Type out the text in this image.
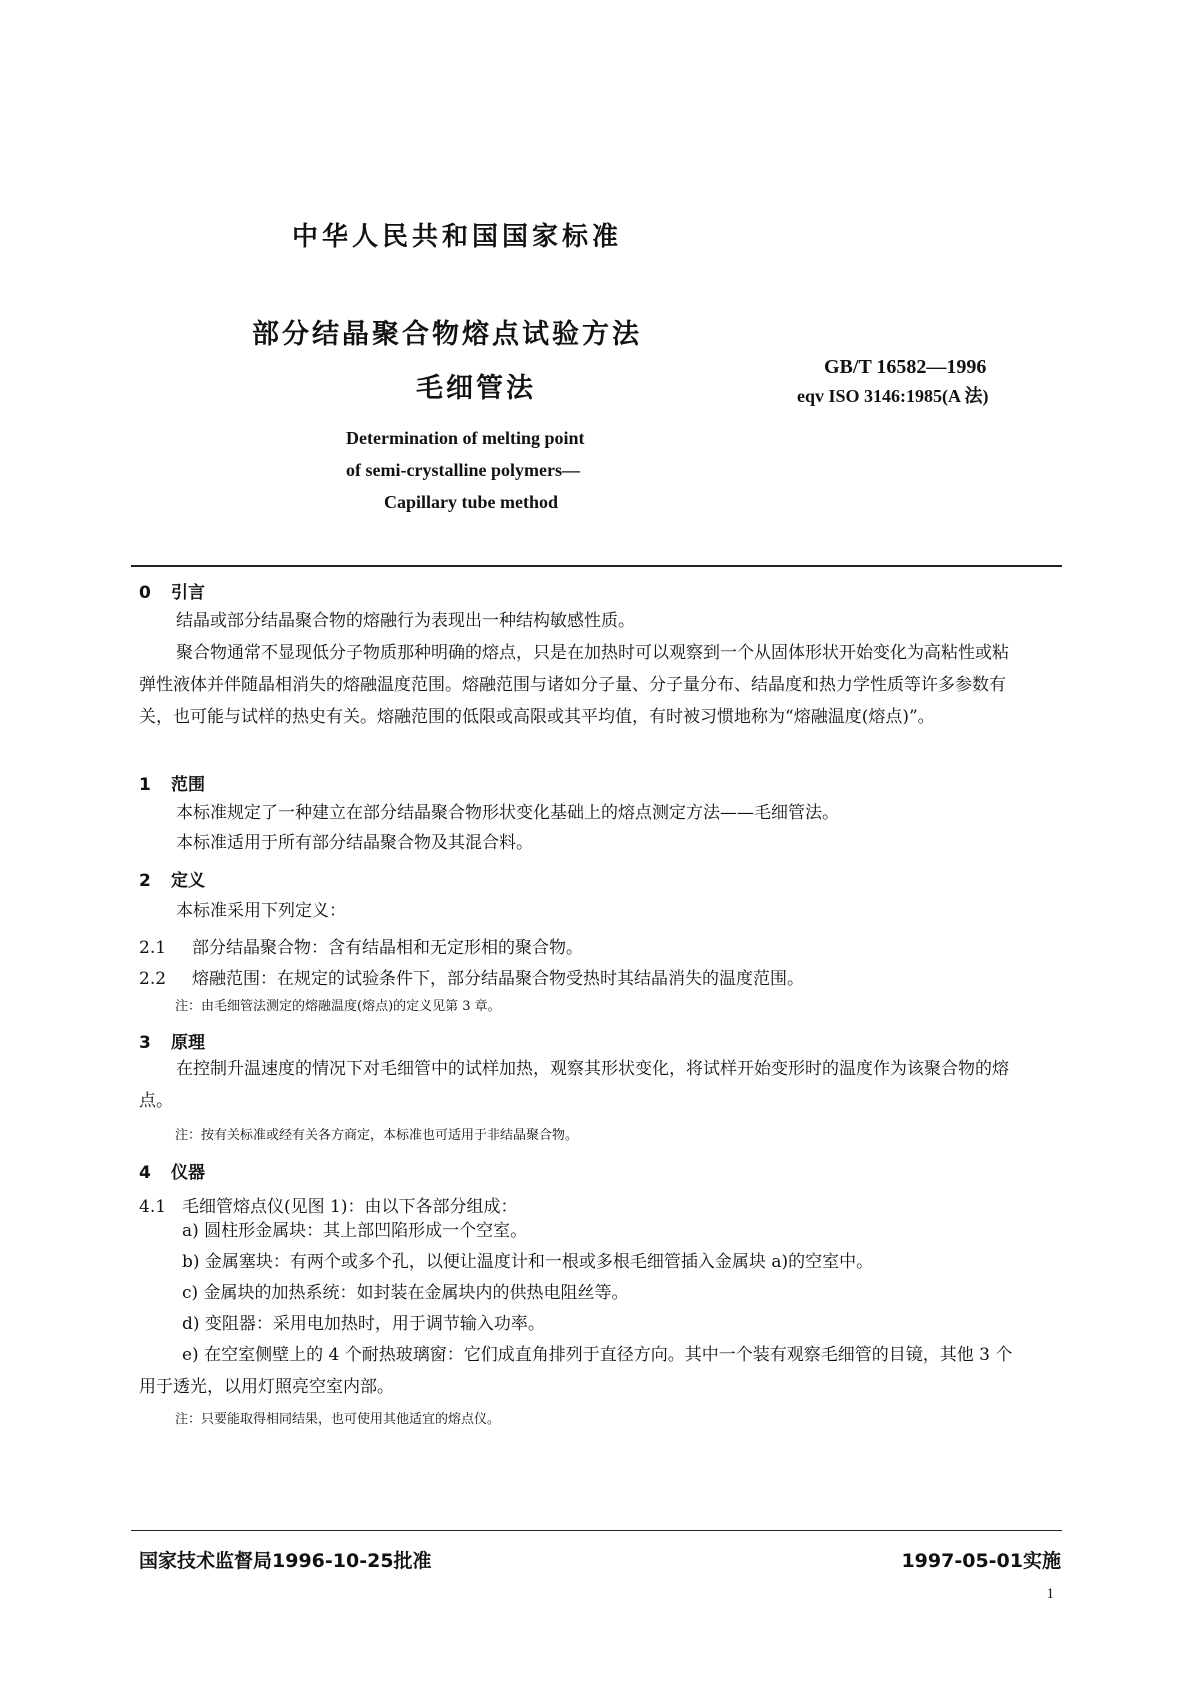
中华人民共和国国家标准
部分结晶聚合物熔点试验方法
毛细管法
GB/T 16582—1996
eqv ISO 3146:1985(A 法)
Determination of melting point
of semi-crystalline polymers—
Capillary tube method
0 引言
结晶或部分结晶聚合物的熔融行为表现出一种结构敏感性质。
聚合物通常不显现低分子物质那种明确的熔点，只是在加热时可以观察到一个从固体形状开始变化为高粘性或粘弹性液体并伴随晶相消失的熔融温度范围。熔融范围与诸如分子量、分子量分布、结晶度和热力学性质等许多参数有关，也可能与试样的热史有关。熔融范围的低限或高限或其平均值，有时被习惯地称为“熔融温度(熔点)”。
1 范围
本标准规定了一种建立在部分结晶聚合物形状变化基础上的熔点测定方法——毛细管法。
本标准适用于所有部分结晶聚合物及其混合料。
2 定义
本标准采用下列定义：
2.1 部分结晶聚合物：含有结晶相和无定形相的聚合物。
2.2 熔融范围：在规定的试验条件下，部分结晶聚合物受热时其结晶消失的温度范围。
注：由毛细管法测定的熔融温度(熔点)的定义见第 3 章。
3 原理
在控制升温速度的情况下对毛细管中的试样加热，观察其形状变化，将试样开始变形时的温度作为该聚合物的熔点。
注：按有关标准或经有关各方商定，本标准也可适用于非结晶聚合物。
4 仪器
4.1 毛细管熔点仪(见图 1)：由以下各部分组成：
a) 圆柱形金属块：其上部凹陷形成一个空室。
b) 金属塞块：有两个或多个孔，以便让温度计和一根或多根毛细管插入金属块 a)的空室中。
c) 金属块的加热系统：如封装在金属块内的供热电阻丝等。
d) 变阻器：采用电加热时，用于调节输入功率。
e) 在空室侧壁上的 4 个耐热玻璃窗：它们成直角排列于直径方向。其中一个装有观察毛细管的目镜，其他 3 个用于透光，以用灯照亮空室内部。
注：只要能取得相同结果，也可使用其他适宜的熔点仪。
国家技术监督局1996-10-25批准	1997-05-01实施
1
